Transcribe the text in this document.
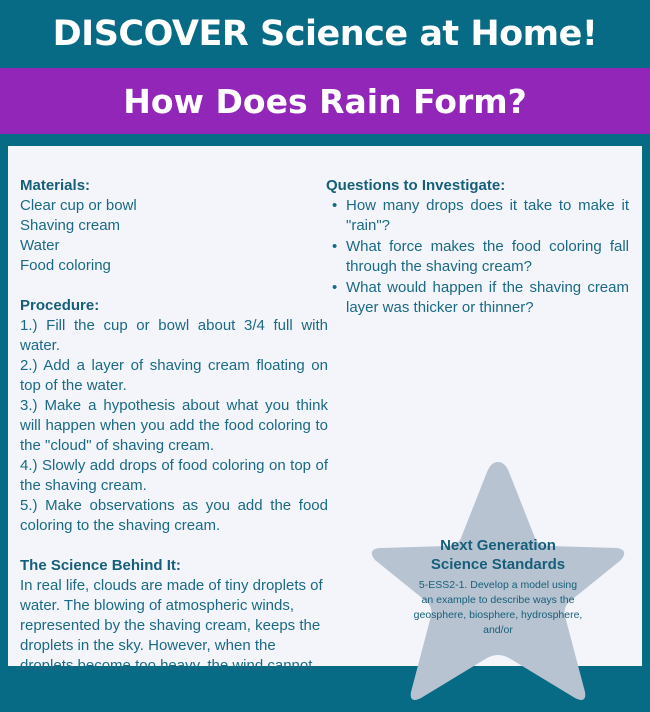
DISCOVER Science at Home!
How Does Rain Form?
Materials:
Clear cup or bowl
Shaving cream
Water
Food coloring
Procedure:
1.) Fill the cup or bowl about 3/4 full with water.
2.) Add a layer of shaving cream floating on top of the water.
3.) Make a hypothesis about what you think will happen when you add the food coloring to the "cloud" of shaving cream.
4.) Slowly add drops of food coloring on top of the shaving cream.
5.) Make observations as you add the food coloring to the shaving cream.
The Science Behind It:
In real life, clouds are made of tiny droplets of water. The blowing of atmospheric winds, represented by the shaving cream, keeps the droplets in the sky. However, when the droplets become too heavy, the wind cannot
Questions to Investigate:
• How many drops does it take to make it "rain"?
• What force makes the food coloring fall through the shaving cream?
• What would happen if the shaving cream layer was thicker or thinner?
Next Generation Science Standards
5-ESS2-1. Develop a model using an example to describe ways the geosphere, biosphere, hydrosphere, and/or
